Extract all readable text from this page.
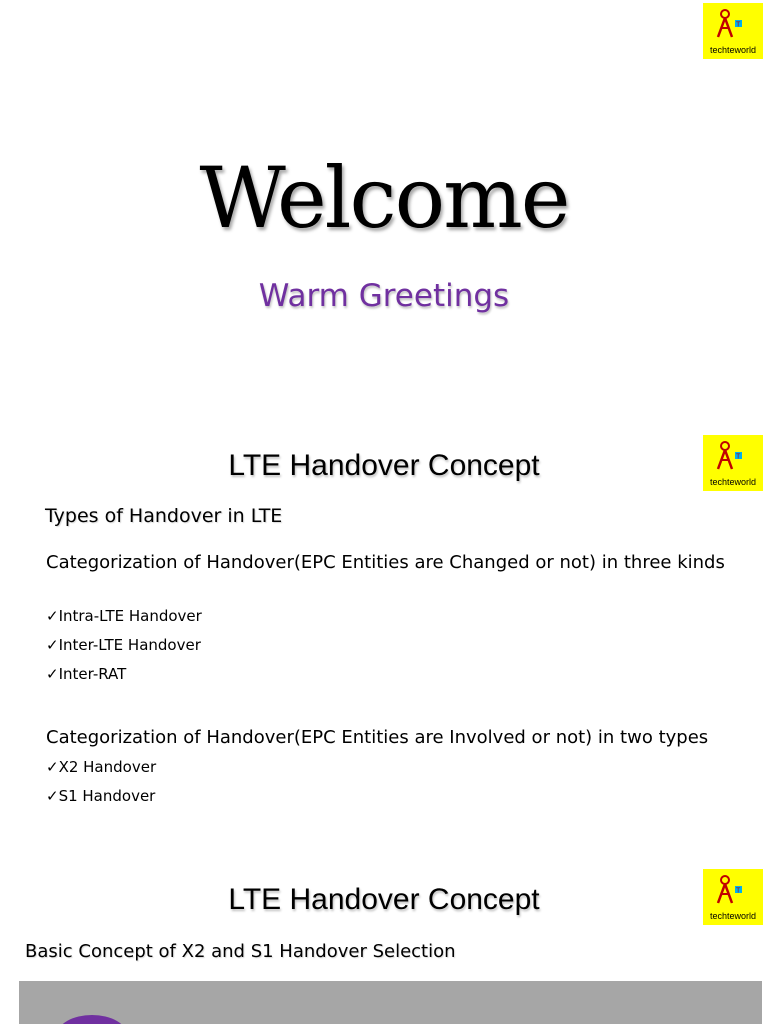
T
techteworld
Welcome
Warm Greetings
T
techteworld
LTE Handover Concept
Types of Handover in LTE
Categorization of Handover(EPC Entities are Changed or not) in three kinds
✓Intra-LTE Handover
✓Inter-LTE Handover
✓Inter-RAT
Categorization of Handover(EPC Entities are Involved or not) in two types
✓X2 Handover
✓S1 Handover
T
techteworld
LTE Handover Concept
Basic Concept of X2 and S1 Handover Selection
